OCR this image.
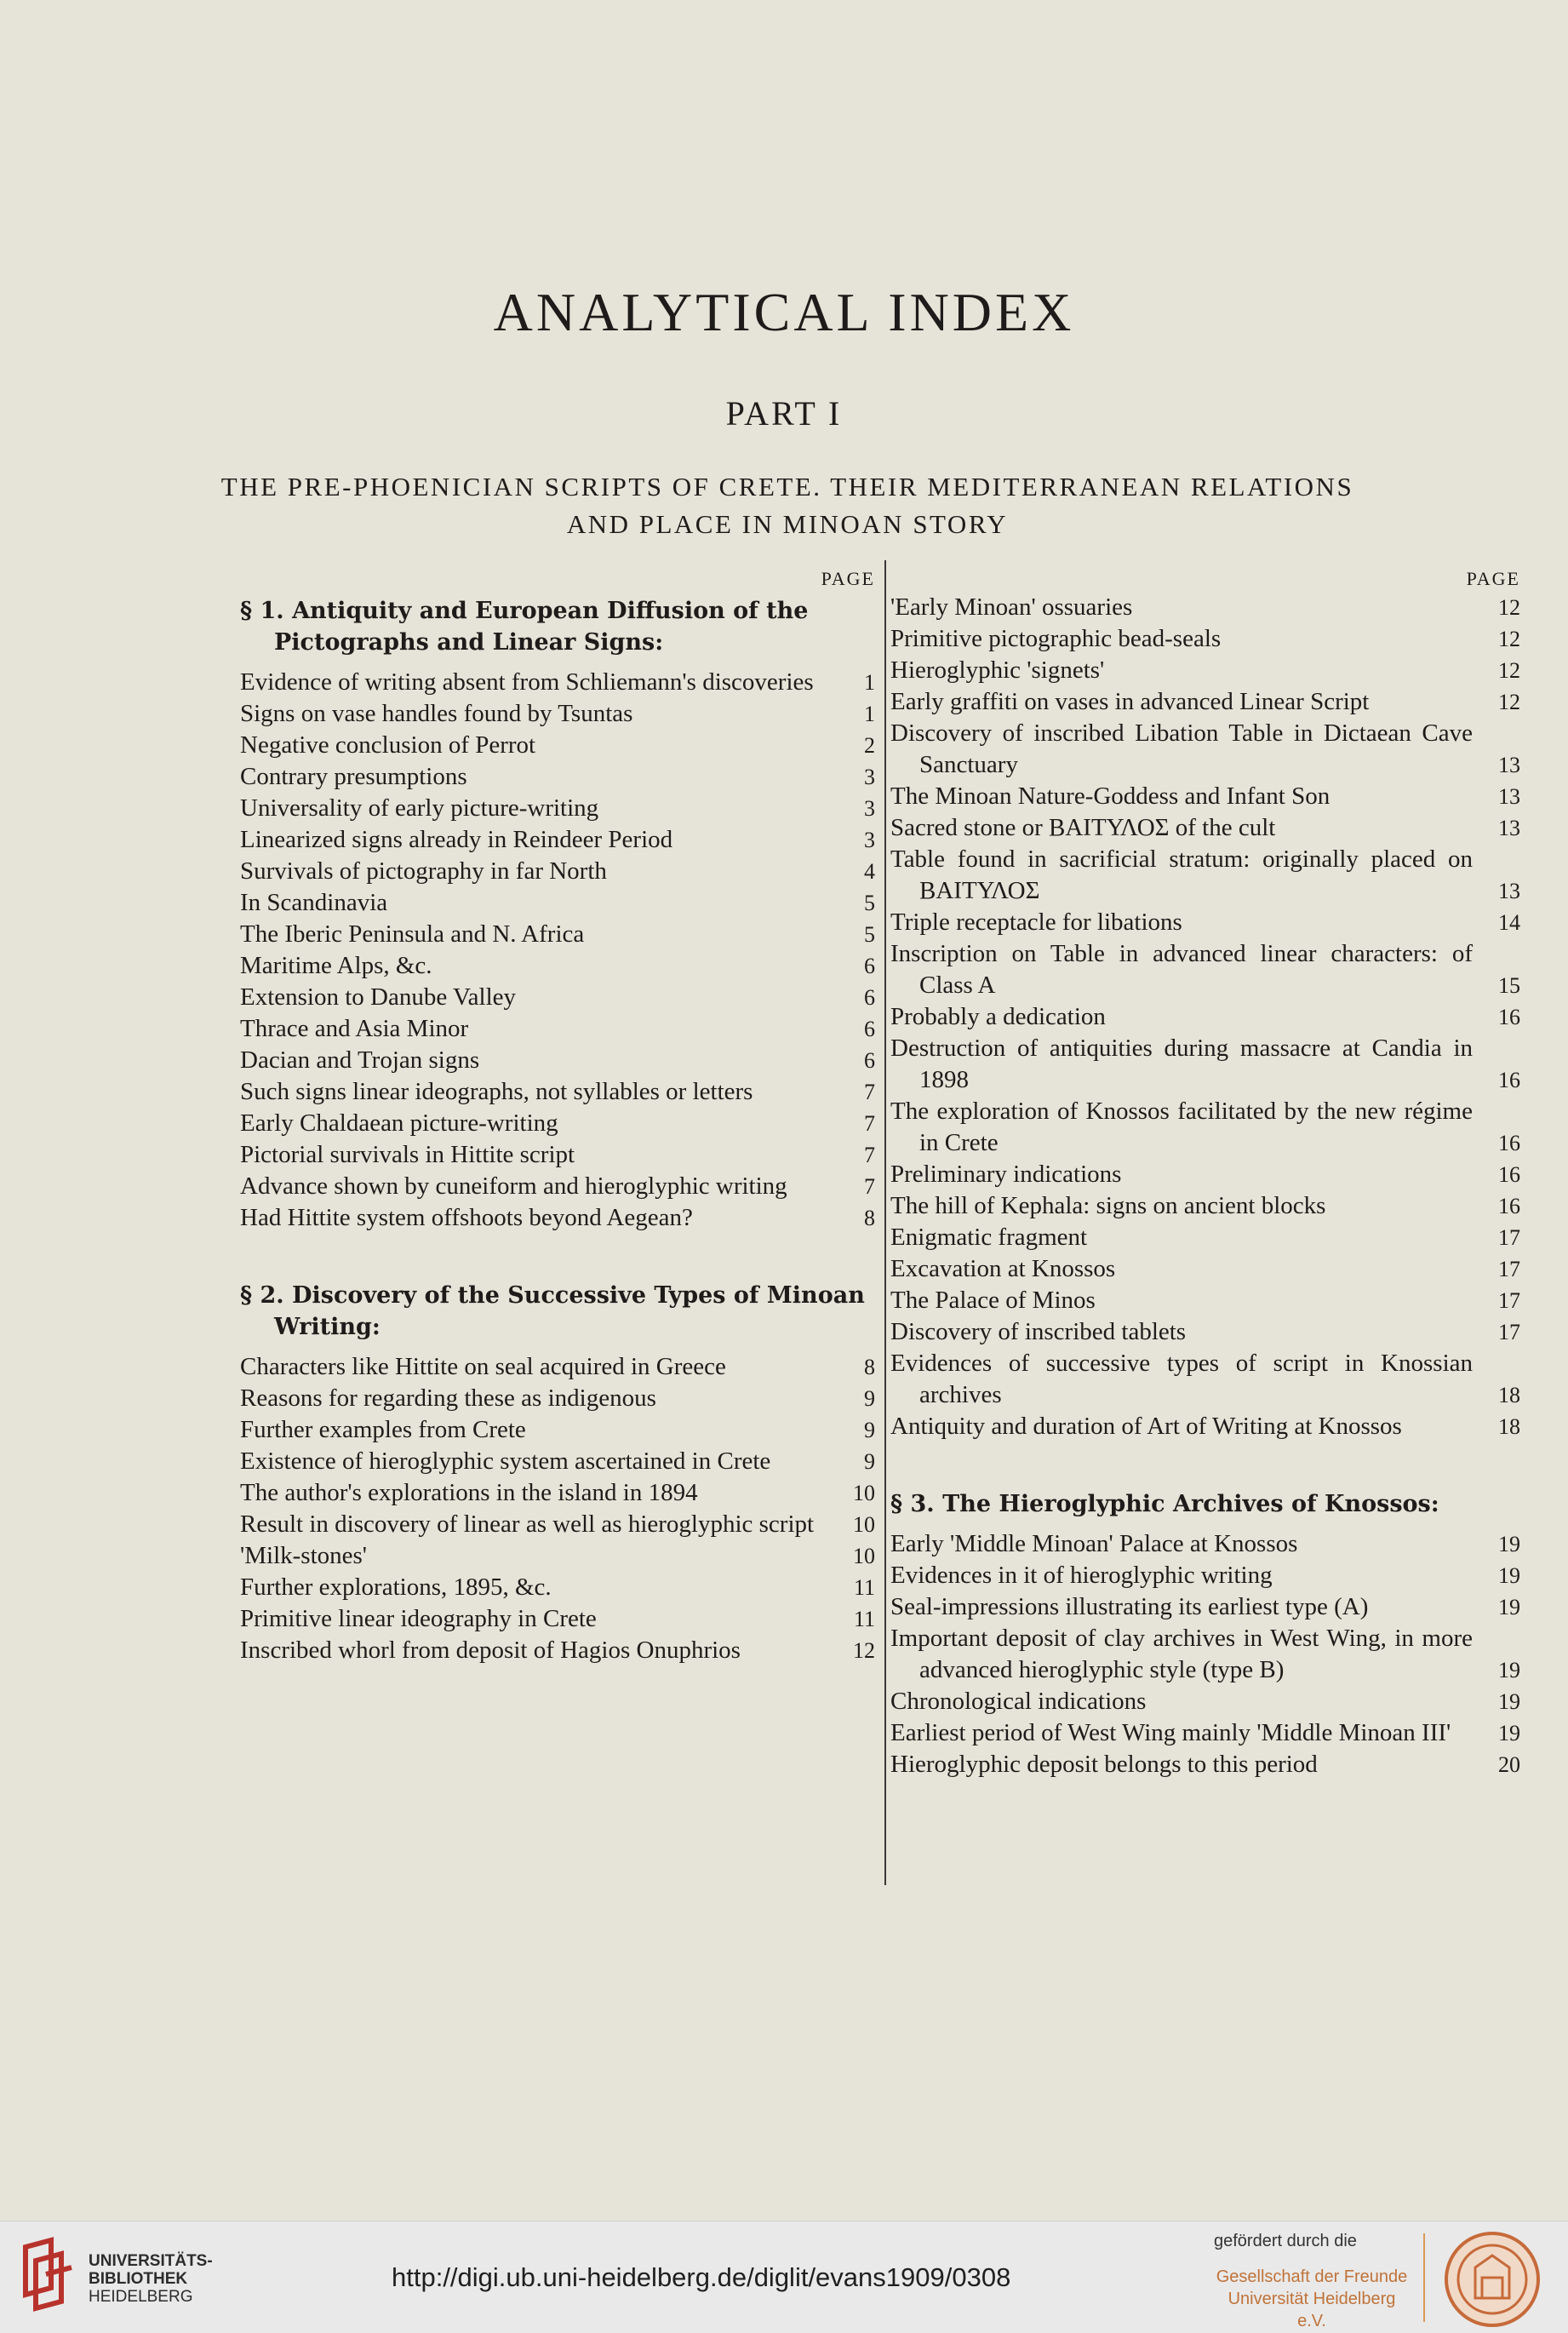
ANALYTICAL INDEX
PART I
THE PRE-PHOENICIAN SCRIPTS OF CRETE. THEIR MEDITERRANEAN RELATIONS AND PLACE IN MINOAN STORY
PAGE
§ 1. Antiquity and European Diffusion of the Pictographs and Linear Signs:
Evidence of writing absent from Schliemann's discoveries	1
Signs on vase handles found by Tsuntas	1
Negative conclusion of Perrot	2
Contrary presumptions	3
Universality of early picture-writing	3
Linearized signs already in Reindeer Period	3
Survivals of pictography in far North	4
In Scandinavia	5
The Iberic Peninsula and N. Africa	5
Maritime Alps, &c.	6
Extension to Danube Valley	6
Thrace and Asia Minor	6
Dacian and Trojan signs	6
Such signs linear ideographs, not syllables or letters	7
Early Chaldaean picture-writing	7
Pictorial survivals in Hittite script	7
Advance shown by cuneiform and hieroglyphic writing	7
Had Hittite system offshoots beyond Aegean?	8
§ 2. Discovery of the Successive Types of Minoan Writing:
Characters like Hittite on seal acquired in Greece	8
Reasons for regarding these as indigenous	9
Further examples from Crete	9
Existence of hieroglyphic system ascertained in Crete	9
The author's explorations in the island in 1894	10
Result in discovery of linear as well as hieroglyphic script	10
'Milk-stones'	10
Further explorations, 1895, &c.	11
Primitive linear ideography in Crete	11
Inscribed whorl from deposit of Hagios Onuphrios	12
PAGE
'Early Minoan' ossuaries	12
Primitive pictographic bead-seals	12
Hieroglyphic 'signets'	12
Early graffiti on vases in advanced Linear Script	12
Discovery of inscribed Libation Table in Dictaean Cave Sanctuary	13
The Minoan Nature-Goddess and Infant Son	13
Sacred stone or ΒΑΙΤΥΛΟΣ of the cult	13
Table found in sacrificial stratum: originally placed on ΒΑΙΤΥΛΟΣ	13
Triple receptacle for libations	14
Inscription on Table in advanced linear characters: of Class A	15
Probably a dedication	16
Destruction of antiquities during massacre at Candia in 1898	16
The exploration of Knossos facilitated by the new régime in Crete	16
Preliminary indications	16
The hill of Kephala: signs on ancient blocks	16
Enigmatic fragment	17
Excavation at Knossos	17
The Palace of Minos	17
Discovery of inscribed tablets	17
Evidences of successive types of script in Knossian archives	18
Antiquity and duration of Art of Writing at Knossos	18
§ 3. The Hieroglyphic Archives of Knossos:
Early 'Middle Minoan' Palace at Knossos	19
Evidences in it of hieroglyphic writing	19
Seal-impressions illustrating its earliest type (A)	19
Important deposit of clay archives in West Wing, in more advanced hieroglyphic style (type B)	19
Chronological indications	19
Earliest period of West Wing mainly 'Middle Minoan III'	19
Hieroglyphic deposit belongs to this period	20
UNIVERSITÄTS-
BIBLIOTHEK
HEIDELBERG
http://digi.ub.uni-heidelberg.de/diglit/evans1909/0308
gefördert durch die
Gesellschaft der Freunde
Universität Heidelberg e.V.
